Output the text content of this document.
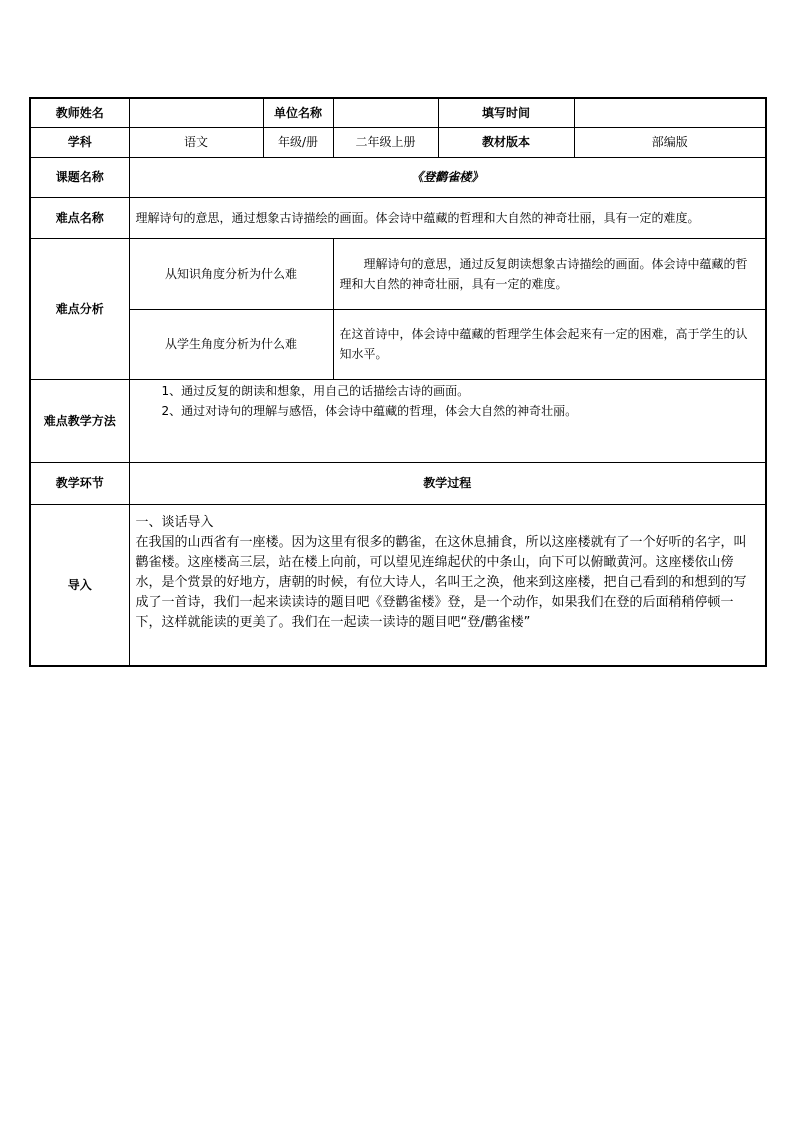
教师姓名		单位名称		填写时间	
学科	语文	年级/册	二年级上册	教材版本	部编版
课题名称	《登鹳雀楼》				
难点名称	理解诗句的意思，通过想象古诗描绘的画面。体会诗中蕴藏的哲理和大自然的神奇壮丽，具有一定的难度。				
难点分析	从知识角度分析为什么难		理解诗句的意思，通过反复朗读想象古诗描绘的画面。体会诗中蕴藏的哲理和大自然的神奇壮丽，具有一定的难度。		
	从学生角度分析为什么难		在这首诗中，体会诗中蕴藏的哲理学生体会起来有一定的困难，高于学生的认知水平。		
难点教学方法	1、通过反复的朗读和想象，用自己的话描绘古诗的画面。
2、通过对诗句的理解与感悟，体会诗中蕴藏的哲理，体会大自然的神奇壮丽。				

教学环节	教学过程				
导入	一、谈话导入

在我国的山西省有一座楼。因为这里有很多的鹳雀，在这休息捕食，所以这座楼就有了一个好听的名字，叫鹳雀楼。这座楼高三层，站在楼上向前，可以望见连绵起伏的中条山，向下可以俯瞰黄河。这座楼依山傍水，是个赏景的好地方，唐朝的时候，有位大诗人，名叫王之涣，他来到这座楼，把自己看到的和想到的写成了一首诗，我们一起来读读诗的题目吧《登鹳雀楼》登，是一个动作，如果我们在登的后面稍稍停顿一下，这样就能读的更美了。我们在一起读一读诗的题目吧“登/鹳雀楼”				
